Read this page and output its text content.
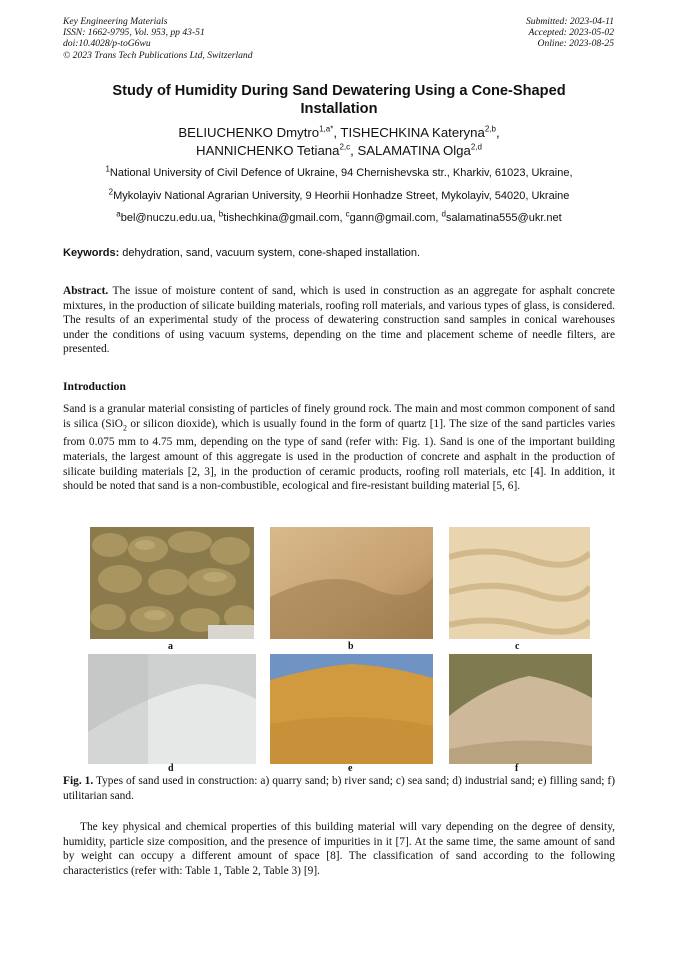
Key Engineering Materials
ISSN: 1662-9795, Vol. 953, pp 43-51
doi:10.4028/p-toG6wu
© 2023 Trans Tech Publications Ltd, Switzerland
Submitted: 2023-04-11
Accepted: 2023-05-02
Online: 2023-08-25
Study of Humidity During Sand Dewatering Using a Cone-Shaped
Installation
BELIUCHENKO Dmytro$^{1,a*}$, TISHECHKINA Kateryna$^{2,b}$,
HANNICHENKO Tetiana$^{2,c}$, SALAMATINA Olga$^{2,d}$
$^1$National University of Civil Defence of Ukraine, 94 Chernishevska str., Kharkiv, 61023, Ukraine,
$^2$Mykolayiv National Agrarian University, 9 Heorhii Honhadze Street, Mykolayiv, 54020, Ukraine
$^a$bel@nuczu.edu.ua, $^b$tishechkina@gmail.com, $^c$gann@gmail.com, $^d$salamatina555@ukr.net
Keywords: dehydration, sand, vacuum system, cone-shaped installation.
Abstract. The issue of moisture content of sand, which is used in construction as an aggregate for asphalt concrete mixtures, in the production of silicate building materials, roofing roll materials, and various types of glass, is considered. The results of an experimental study of the process of dewatering construction sand samples in conical warehouses under the conditions of using vacuum systems, depending on the time and placement scheme of needle filters, are presented.
Introduction
Sand is a granular material consisting of particles of finely ground rock. The main and most common component of sand is silica (SiO$_2$ or silicon dioxide), which is usually found in the form of quartz [1]. The size of the sand particles varies from 0.075 mm to 4.75 mm, depending on the type of sand (refer with: Fig. 1). Sand is one of the important building materials, the largest amount of this aggregate is used in the production of concrete and asphalt in the production of silicate building materials [2, 3], in the production of ceramic products, roofing roll materials, etc [4]. In addition, it should be noted that sand is a non-combustible, ecological and fire-resistant building material [5, 6].
a	b	c
d	e	f
Fig. 1. Types of sand used in construction: a) quarry sand; b) river sand; c) sea sand; d) industrial sand; e) filling sand; f) utilitarian sand.
The key physical and chemical properties of this building material will vary depending on the degree of density, humidity, particle size composition, and the presence of impurities in it [7]. At the same time, the same amount of sand by weight can occupy a different amount of space [8]. The classification of sand according to the following characteristics (refer with: Table 1, Table 2, Table 3) [9].
